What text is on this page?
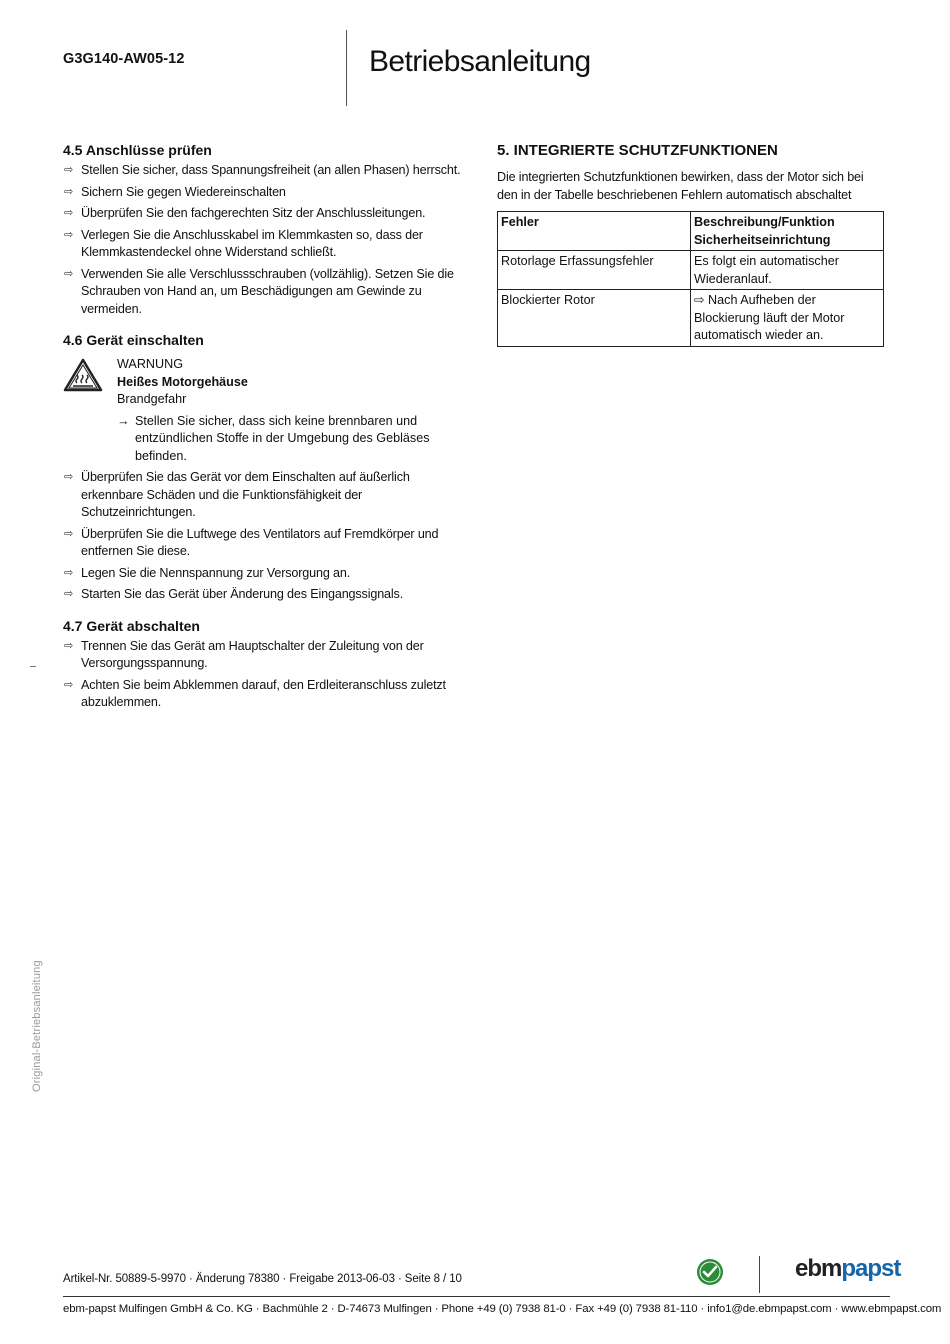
G3G140-AW05-12	Betriebsanleitung
4.5 Anschlüsse prüfen
⇨ Stellen Sie sicher, dass Spannungsfreiheit (an allen Phasen) herrscht.
⇨ Sichern Sie gegen Wiedereinschalten
⇨ Überprüfen Sie den fachgerechten Sitz der Anschlussleitungen.
⇨ Verlegen Sie die Anschlusskabel im Klemmkasten so, dass der Klemmkastendeckel ohne Widerstand schließt.
⇨ Verwenden Sie alle Verschlussschrauben (vollzählig). Setzen Sie die Schrauben von Hand an, um Beschädigungen am Gewinde zu vermeiden.
4.6 Gerät einschalten
WARNUNG
Heißes Motorgehäuse
Brandgefahr
→ Stellen Sie sicher, dass sich keine brennbaren und entzündlichen Stoffe in der Umgebung des Gebläses befinden.
⇨ Überprüfen Sie das Gerät vor dem Einschalten auf äußerlich erkennbare Schäden und die Funktionsfähigkeit der Schutzeinrichtungen.
⇨ Überprüfen Sie die Luftwege des Ventilators auf Fremdkörper und entfernen Sie diese.
⇨ Legen Sie die Nennspannung zur Versorgung an.
⇨ Starten Sie das Gerät über Änderung des Eingangssignals.
4.7 Gerät abschalten
⇨ Trennen Sie das Gerät am Hauptschalter der Zuleitung von der Versorgungsspannung.
⇨ Achten Sie beim Abklemmen darauf, den Erdleiteranschluss zuletzt abzuklemmen.
5. INTEGRIERTE SCHUTZFUNKTIONEN
Die integrierten Schutzfunktionen bewirken, dass der Motor sich bei den in der Tabelle beschriebenen Fehlern automatisch abschaltet
Fehler	Beschreibung/Funktion Sicherheitseinrichtung
Rotorlage Erfassungsfehler	Es folgt ein automatischer Wiederanlauf.
Blockierter Rotor	⇨ Nach Aufheben der Blockierung läuft der Motor automatisch wieder an.
Original-Betriebsanleitung
Artikel-Nr. 50889-5-9970 · Änderung 78380 · Freigabe 2013-06-03 · Seite 8 / 10	ebmpapst
ebm-papst Mulfingen GmbH & Co. KG · Bachmühle 2 · D-74673 Mulfingen · Phone +49 (0) 7938 81-0 · Fax +49 (0) 7938 81-110 · info1@de.ebmpapst.com · www.ebmpapst.com
